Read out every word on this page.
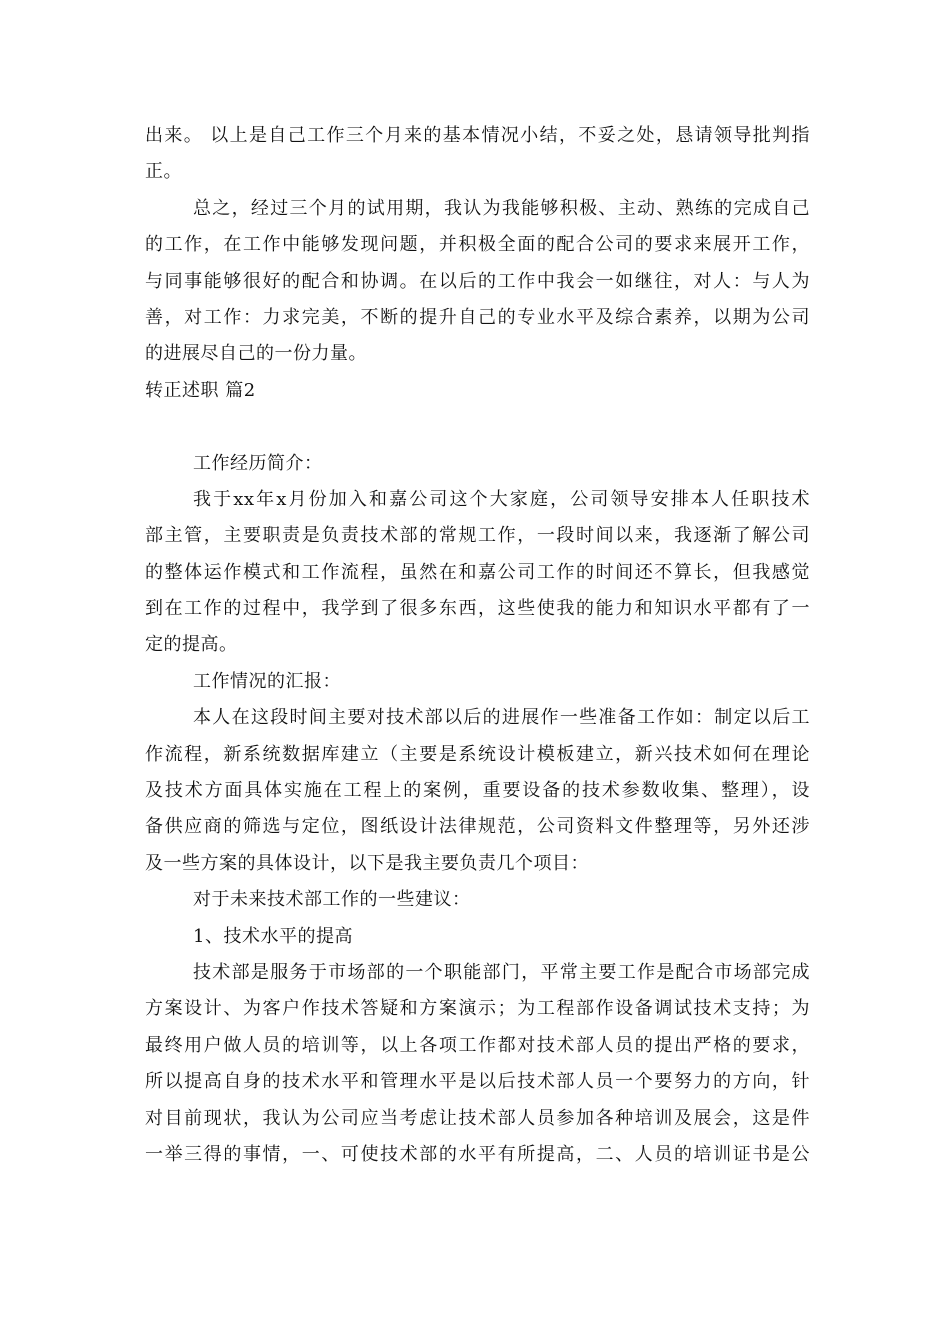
出来。 以上是自己工作三个月来的基本情况小结，不妥之处，恳请领导批判指
正。
总之，经过三个月的试用期，我认为我能够积极、主动、熟练的完成自己
的工作，在工作中能够发现问题，并积极全面的配合公司的要求来展开工作，
与同事能够很好的配合和协调。在以后的工作中我会一如继往，对人：与人为
善，对工作：力求完美，不断的提升自己的专业水平及综合素养，以期为公司
的进展尽自己的一份力量。
转正述职 篇2
工作经历简介：
我于xx年x月份加入和嘉公司这个大家庭，公司领导安排本人任职技术
部主管，主要职责是负责技术部的常规工作，一段时间以来，我逐渐了解公司
的整体运作模式和工作流程，虽然在和嘉公司工作的时间还不算长，但我感觉
到在工作的过程中，我学到了很多东西，这些使我的能力和知识水平都有了一
定的提高。
工作情况的汇报：
本人在这段时间主要对技术部以后的进展作一些准备工作如：制定以后工
作流程，新系统数据库建立（主要是系统设计模板建立，新兴技术如何在理论
及技术方面具体实施在工程上的案例，重要设备的技术参数收集、整理），设
备供应商的筛选与定位，图纸设计法律规范，公司资料文件整理等，另外还涉
及一些方案的具体设计，以下是我主要负责几个项目：
对于未来技术部工作的一些建议：
1、技术水平的提高
技术部是服务于市场部的一个职能部门，平常主要工作是配合市场部完成
方案设计、为客户作技术答疑和方案演示；为工程部作设备调试技术支持；为
最终用户做人员的培训等，以上各项工作都对技术部人员的提出严格的要求，
所以提高自身的技术水平和管理水平是以后技术部人员一个要努力的方向，针
对目前现状，我认为公司应当考虑让技术部人员参加各种培训及展会，这是件
一举三得的事情，一、可使技术部的水平有所提高，二、人员的培训证书是公
